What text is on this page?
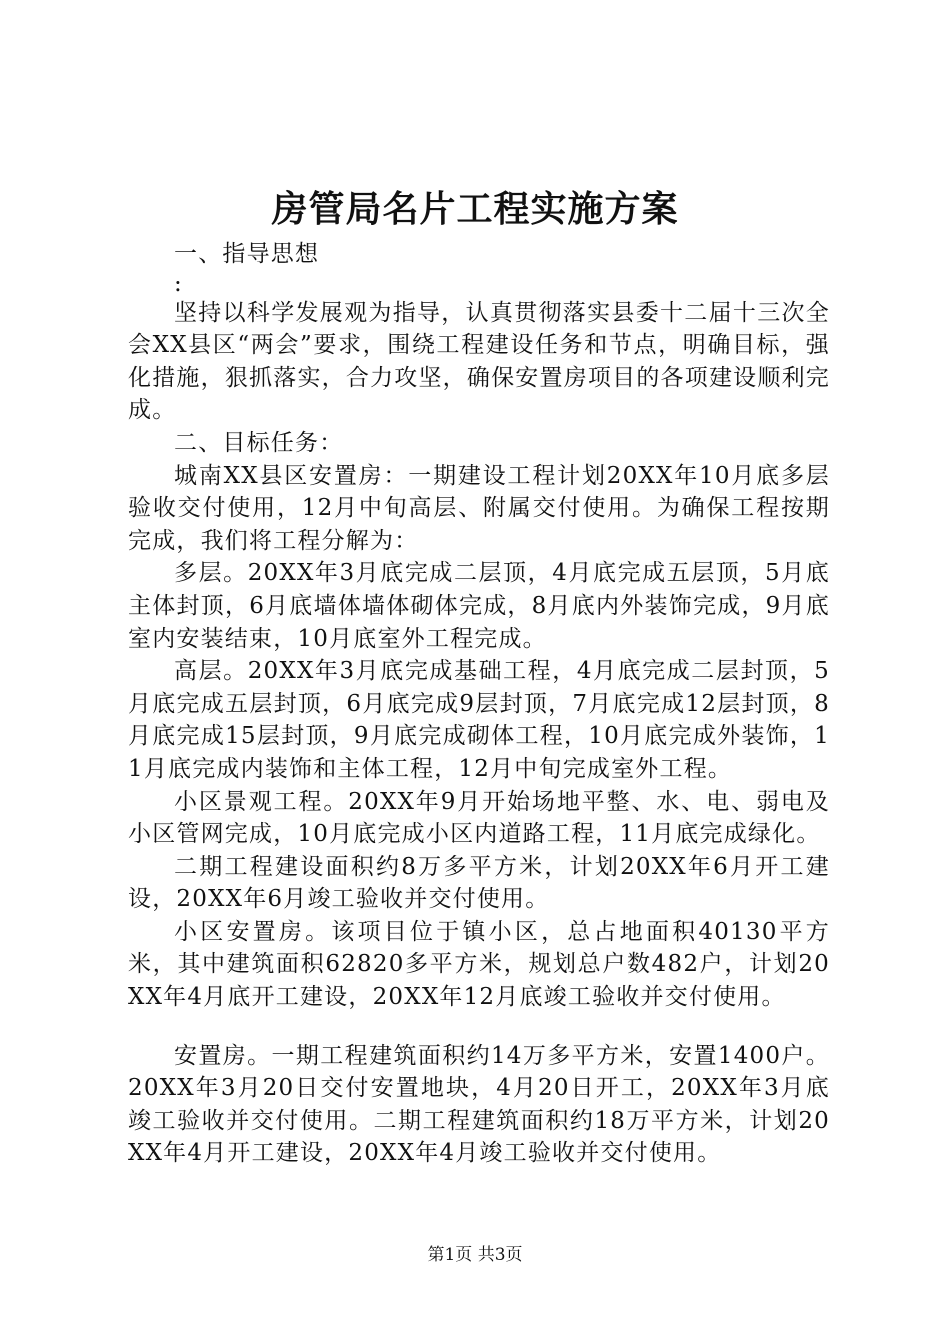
房管局名片工程实施方案

一、指导思想

:

坚持以科学发展观为指导，认真贯彻落实县委十二届十三次全会XX县区“两会”要求，围绕工程建设任务和节点，明确目标，强化措施，狠抓落实，合力攻坚，确保安置房项目的各项建设顺利完成。

二、目标任务：

城南XX县区安置房：一期建设工程计划20XX年10月底多层验收交付使用，12月中旬高层、附属交付使用。为确保工程按期完成，我们将工程分解为：

多层。20XX年3月底完成二层顶，4月底完成五层顶，5月底主体封顶，6月底墙体墙体砌体完成，8月底内外装饰完成，9月底室内安装结束，10月底室外工程完成。

高层。20XX年3月底完成基础工程，4月底完成二层封顶，5月底完成五层封顶，6月底完成9层封顶，7月底完成12层封顶，8月底完成15层封顶，9月底完成砌体工程，10月底完成外装饰，11月底完成内装饰和主体工程，12月中旬完成室外工程。

小区景观工程。20XX年9月开始场地平整、水、电、弱电及小区管网完成，10月底完成小区内道路工程，11月底完成绿化。

二期工程建设面积约8万多平方米，计划20XX年6月开工建设，20XX年6月竣工验收并交付使用。

小区安置房。该项目位于镇小区，总占地面积40130平方米，其中建筑面积62820多平方米，规划总户数482户，计划20XX年4月底开工建设，20XX年12月底竣工验收并交付使用。

安置房。一期工程建筑面积约14万多平方米，安置1400户。20XX年3月20日交付安置地块，4月20日开工，20XX年3月底竣工验收并交付使用。二期工程建筑面积约18万平方米，计划20XX年4月开工建设，20XX年4月竣工验收并交付使用。

第1页 共3页
